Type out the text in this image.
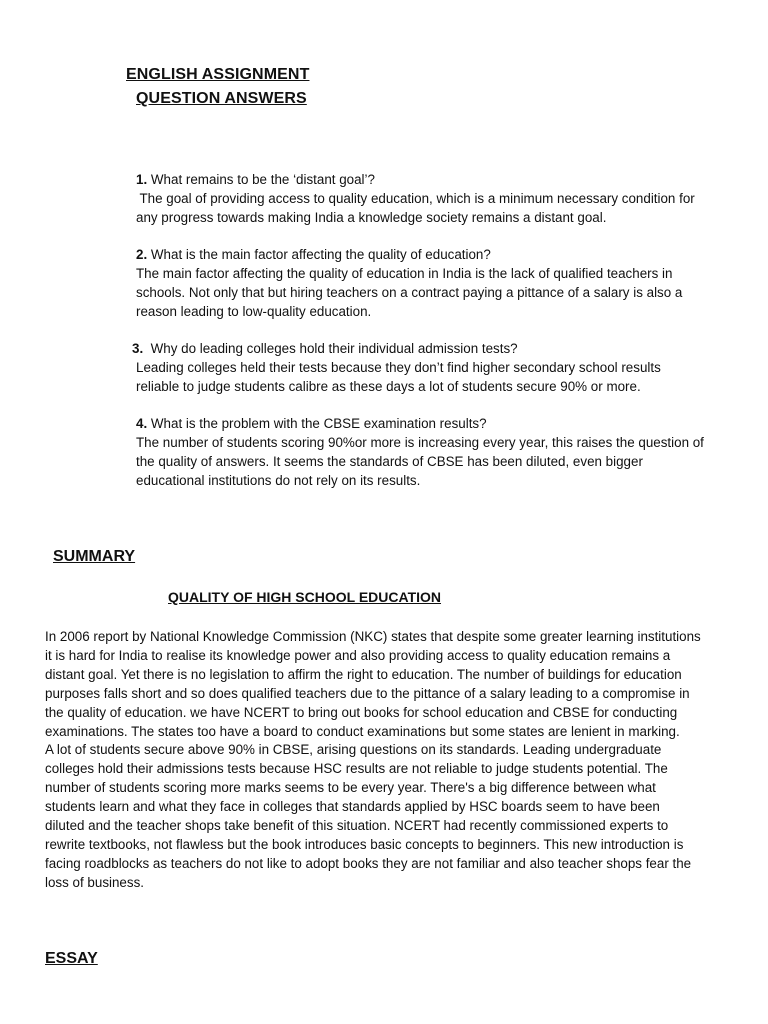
ENGLISH ASSIGNMENT
QUESTION ANSWERS
1. What remains to be the ‘distant goal’?
The goal of providing access to quality education, which is a minimum necessary condition for
any progress towards making India a knowledge society remains a distant goal.
2. What is the main factor affecting the quality of education?
The main factor affecting the quality of education in India is the lack of qualified teachers in
schools. Not only that but hiring teachers on a contract paying a pittance of a salary is also a
reason leading to low-quality education.
3.  Why do leading colleges hold their individual admission tests?
Leading colleges held their tests because they don’t find higher secondary school results
reliable to judge students calibre as these days a lot of students secure 90% or more.
4. What is the problem with the CBSE examination results?
The number of students scoring 90%or more is increasing every year, this raises the question of
the quality of answers. It seems the standards of CBSE has been diluted, even bigger
educational institutions do not rely on its results.
SUMMARY
QUALITY OF HIGH SCHOOL EDUCATION
In 2006 report by National Knowledge Commission (NKC) states that despite some greater learning institutions
it is hard for India to realise its knowledge power and also providing access to quality education remains a
distant goal. Yet there is no legislation to affirm the right to education. The number of buildings for education
purposes falls short and so does qualified teachers due to the pittance of a salary leading to a compromise in
the quality of education. we have NCERT to bring out books for school education and CBSE for conducting
examinations. The states too have a board to conduct examinations but some states are lenient in marking.
A lot of students secure above 90% in CBSE, arising questions on its standards. Leading undergraduate
colleges hold their admissions tests because HSC results are not reliable to judge students potential. The
number of students scoring more marks seems to be every year. There's a big difference between what
students learn and what they face in colleges that standards applied by HSC boards seem to have been
diluted and the teacher shops take benefit of this situation. NCERT had recently commissioned experts to
rewrite textbooks, not flawless but the book introduces basic concepts to beginners. This new introduction is
facing roadblocks as teachers do not like to adopt books they are not familiar and also teacher shops fear the
loss of business.
ESSAY
